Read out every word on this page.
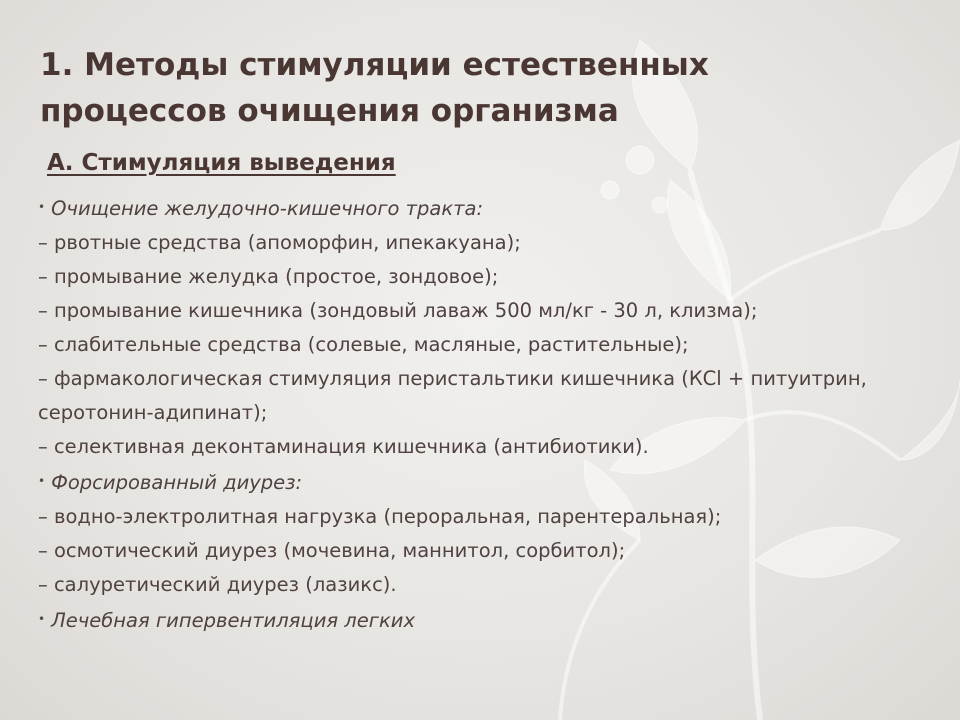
1. Методы стимуляции естественных процессов очищения организма
А. Стимуляция выведения
• Очищение желудочно-кишечного тракта:
– рвотные средства (апоморфин, ипекакуана);
– промывание желудка (простое, зондовое);
– промывание кишечника (зондовый лаваж 500 мл/кг - 30 л, клизма);
– слабительные средства (солевые, масляные, растительные);
– фармакологическая стимуляция перистальтики кишечника (КСl + питуитрин, серотонин-адипинат);
– селективная деконтаминация кишечника (антибиотики).
• Форсированный диурез:
– водно-электролитная нагрузка (пероральная, парентеральная);
– осмотический диурез (мочевина, маннитол, сорбитол);
– салуретический диурез (лазикс).
• Лечебная гипервентиляция легких
